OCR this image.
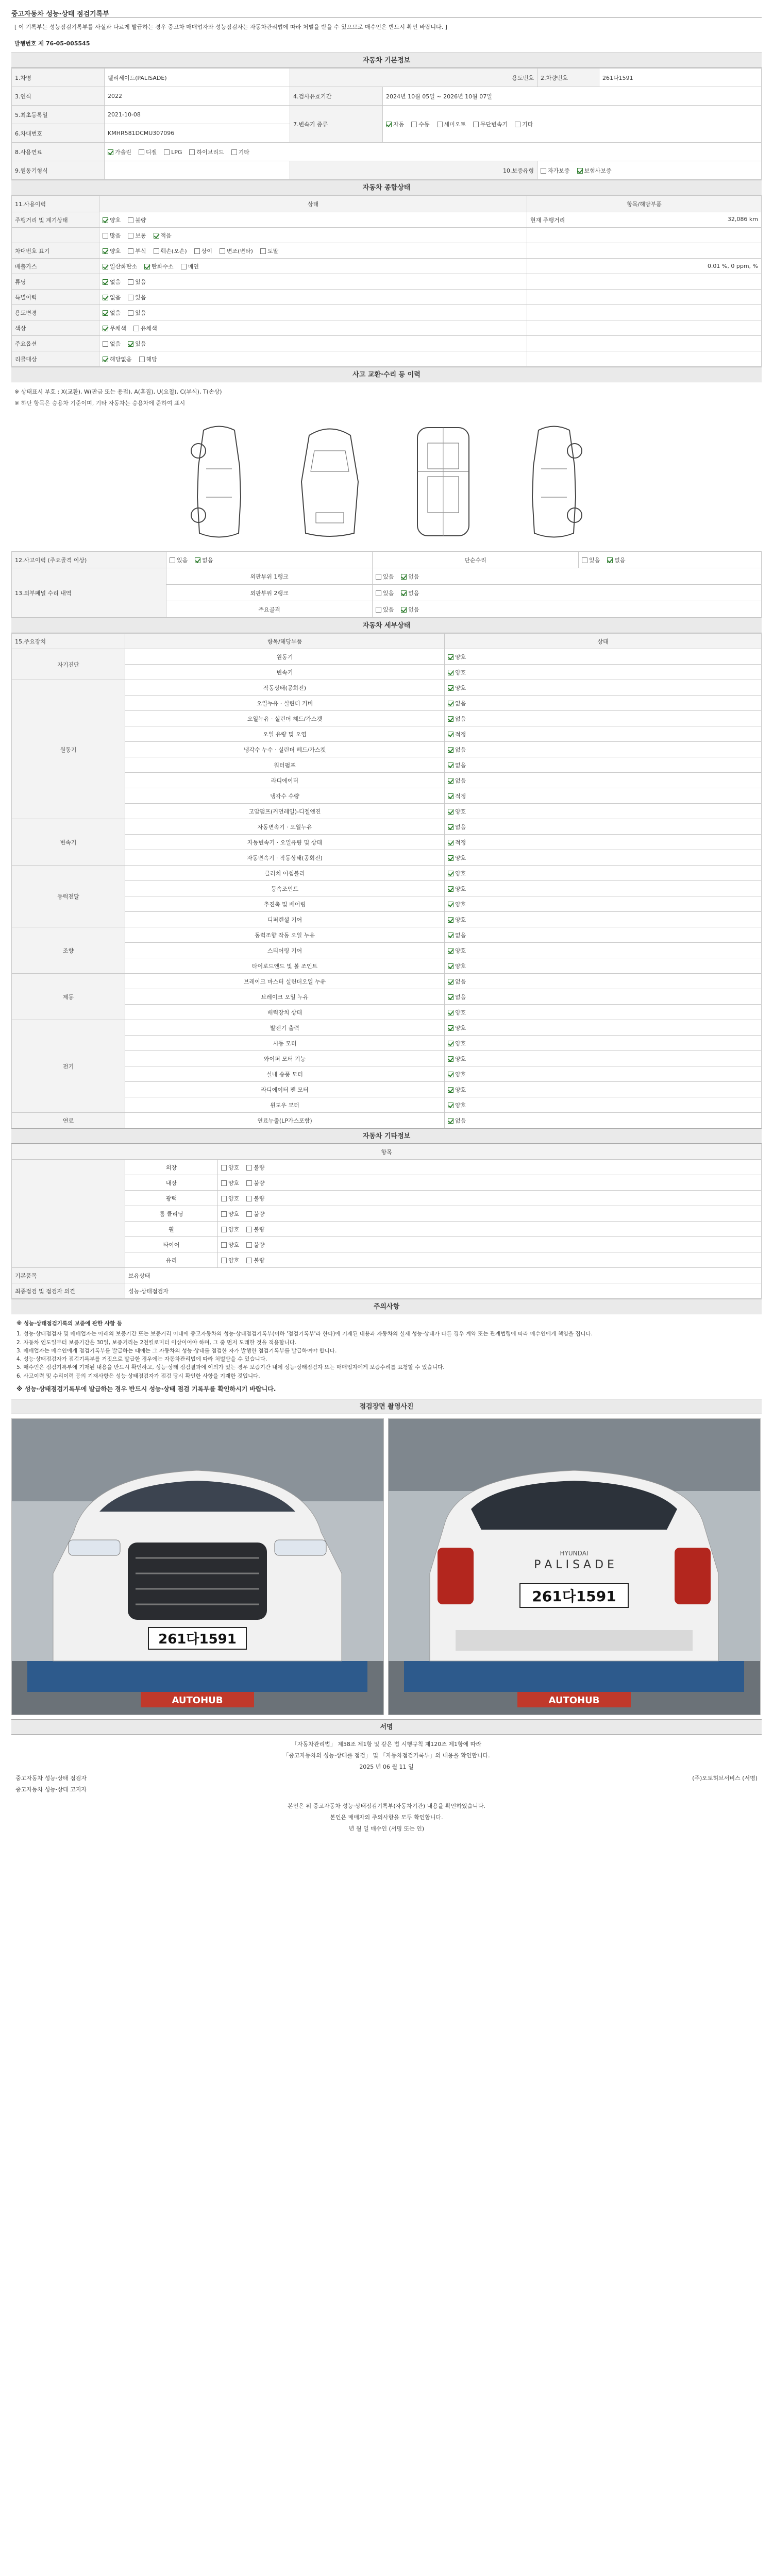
중고자동차 성능·상태 점검기록부
[ 이 기록부는 성능점검기록부를 사실과 다르게 발급하는 경우 중고차 매매업자와 성능점검자는 자동차관리법에 따라 처벌을 받을 수 있으므로 매수인은 반드시 확인 바랍니다. ]
발행번호 제 76-05-005545
자동차 기본정보
1.차명	펠리세이드(PALISADE)	용도번호		2.차량번호	261다1591
3.연식	2022	4.검사유효기간	2024년 10월 05일 ~ 2026년 10월 07일		
5.최초등록일	2021-10-08	7.변속기 종류	자동 수동 세미오토 무단변속기 기타		
6.차대번호	KMHR581DCMU307096				
8.사용연료	가솔린 디젤 LPG 하이브리드 기타				
9.원동기형식		10.보증유형		자가보증 보험사보증	
자동차 종합상태
11.사용이력	상태	항목/해당부품
주행거리 및 계기상태	양호 불량	현재 주행거리 32,086 km

	많음 보통 적음	

차대번호 표기	양호 부식 훼손(오손) 상이 변조(변타) 도말	

배출가스	일산화탄소 탄화수소 매연	0.01 %, 0 ppm, %

튜닝	없음 있음	

특별이력	없음 있음	

용도변경	없음 있음	

색상	무채색 유채색	

주요옵션	없음 있음	

리콜대상	해당없음 해당	
사고 교환·수리 등 이력
※ 상태표시 부호 : X(교환), W(판금 또는 용접), A(흠집), U(요철), C(부식), T(손상)
※ 하단 항목은 승용차 기준이며, 기타 자동차는 승용차에 준하여 표시
12.사고이력 (주요골격 이상)	있음 없음	단순수리	있음 없음
13.외부패널 수리 내역	외판부위 1랭크	있음 없음	
	외판부위 2랭크	있음 없음	
	주요골격	있음 없음	
자동차 세부상태
15.주요장치	항목/해당부품	상태
자기진단	원동기	양호
	변속기	양호
원동기	작동상태(공회전)	양호
	오일누유 · 실린더 커버	없음
	오일누유 · 실린더 헤드/가스켓	없음
	오일 유량 및 오염	적정
	냉각수 누수 · 실린더 헤드/가스켓	없음
	워터펌프	없음
	라디에이터	없음
	냉각수 수량	적정
	고압펌프(커먼레일)-디젤엔진	양호
변속기	자동변속기 · 오일누유	없음
	자동변속기 · 오일유량 및 상태	적정
	자동변속기 · 작동상태(공회전)	양호
동력전달	클러치 어셈블리	양호
	등속조인트	양호
	추진축 및 베어링	양호
	디퍼렌셜 기어	양호
조향	동력조향 작동 오일 누유	없음
	스티어링 기어	양호
	타이로드엔드 및 볼 조인트	양호
제동	브레이크 마스터 실린더오일 누유	없음
	브레이크 오일 누유	없음
	배력장치 상태	양호
전기	발전기 출력	양호
	시동 모터	양호
	와이퍼 모터 기능	양호
	실내 송풍 모터	양호
	라디에이터 팬 모터	양호
	윈도우 모터	양호
연료	연료누출(LP가스포함)	없음
자동차 기타정보
항목		
	외장	양호 불량
	내장	양호 불량
	광택	양호 불량
	룸 클리닝	양호 불량
	휠	양호 불량
	타이어	양호 불량
	유리	양호 불량
기본품목	보유상태	
최종점검 및 점검자 의견	성능·상태점검자	
주의사항
※ 성능·상태점검기록의 보증에 관한 사항 등
1. 성능·상태점검자 및 매매업자는 아래의 보증기간 또는 보증거리 이내에 중고자동차의 성능·상태점검기록부(이하 '점검기록부'라 한다)에 기재된 내용과 자동차의 실제 성능·상태가 다른 경우 계약 또는 관계법령에 따라 매수인에게 책임을 집니다.
2. 자동차 인도일부터 보증기간은 30일, 보증거리는 2천킬로미터 이상이어야 하며, 그 중 먼저 도래한 것을 적용합니다.
3. 매매업자는 매수인에게 점검기록부를 발급하는 때에는 그 자동차의 성능·상태를 점검한 자가 발행한 점검기록부를 발급하여야 합니다.
4. 성능·상태점검자가 점검기록부를 거짓으로 발급한 경우에는 자동차관리법에 따라 처벌받을 수 있습니다.
5. 매수인은 점검기록부에 기재된 내용을 반드시 확인하고, 성능·상태 점검결과에 이의가 있는 경우 보증기간 내에 성능·상태점검자 또는 매매업자에게 보증수리를 요청할 수 있습니다.
6. 사고이력 및 수리이력 등의 기재사항은 성능·상태점검자가 점검 당시 확인한 사항을 기재한 것입니다.
※ 성능·상태점검기록부에 발급하는 경우 반드시 성능·상태 점검 기록부를 확인하시기 바랍니다.
점검장면 촬영사진
261다1591
AUTOHUB
HYUNDAI
P A L I S A D E
261다1591
AUTOHUB
서명
「자동차관리법」 제58조 제1항 및 같은 법 시행규칙 제120조 제1항에 따라
「중고자동차의 성능·상태를 점검」 및 「자동차점검기록부」의 내용을 확인합니다.
2025 년 06 월 11 일
중고자동차 성능·상태 점검자	(주)오토허브서비스 (서명)
중고자동차 성능·상태 고지자
본인은 위 중고자동차 성능·상태점검기록부(자동차기관) 내용을 확인하였습니다.
본인은 매매자의 주의사항을 모두 확인합니다.
년 월 일 매수인 (서명 또는 인)
